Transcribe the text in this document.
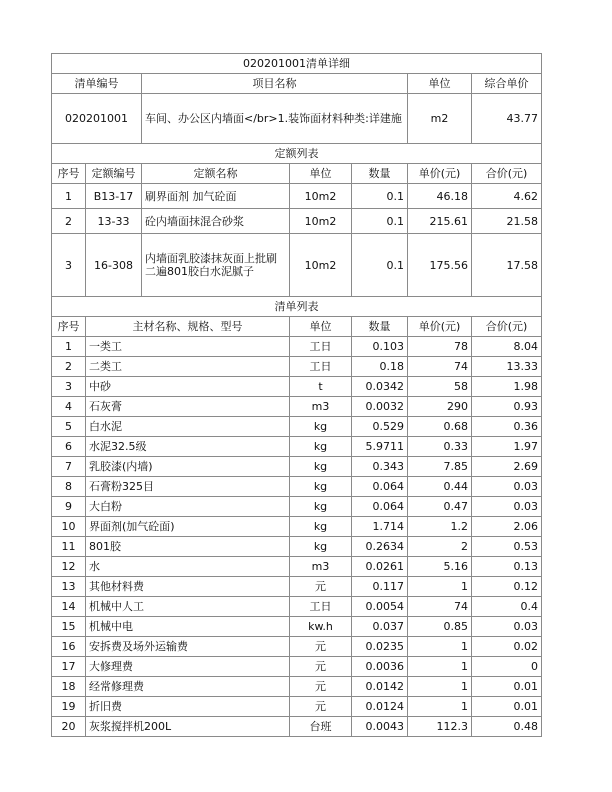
020201001清单详细						
清单编号		项目名称			单位	综合单价
020201001		车间、办公区内墙面</br>1.装饰面材料种类:详建施			m2	43.77
定额列表						
序号	定额编号	定额名称	单位	数量	单价(元)	合价(元)
1	B13-17	刷界面剂 加气砼面	10m2	0.1	46.18	4.62
2	13-33	砼内墙面抹混合砂浆	10m2	0.1	215.61	21.58
3	16-308	内墙面乳胶漆抹灰面上批刷二遍801胶白水泥腻子	10m2	0.1	175.56	17.58
清单列表						
序号	主材名称、规格、型号		单位	数量	单价(元)	合价(元)
1	一类工		工日	0.103	78	8.04
2	二类工		工日	0.18	74	13.33
3	中砂		t	0.0342	58	1.98
4	石灰膏		m3	0.0032	290	0.93
5	白水泥		kg	0.529	0.68	0.36
6	水泥32.5级		kg	5.9711	0.33	1.97
7	乳胶漆(内墙)		kg	0.343	7.85	2.69
8	石膏粉325目		kg	0.064	0.44	0.03
9	大白粉		kg	0.064	0.47	0.03
10	界面剂(加气砼面)		kg	1.714	1.2	2.06
11	801胶		kg	0.2634	2	0.53
12	水		m3	0.0261	5.16	0.13
13	其他材料费		元	0.117	1	0.12
14	机械中人工		工日	0.0054	74	0.4
15	机械中电		kw.h	0.037	0.85	0.03
16	安拆费及场外运输费		元	0.0235	1	0.02
17	大修理费		元	0.0036	1	0
18	经常修理费		元	0.0142	1	0.01
19	折旧费		元	0.0124	1	0.01
20	灰浆搅拌机200L		台班	0.0043	112.3	0.48
